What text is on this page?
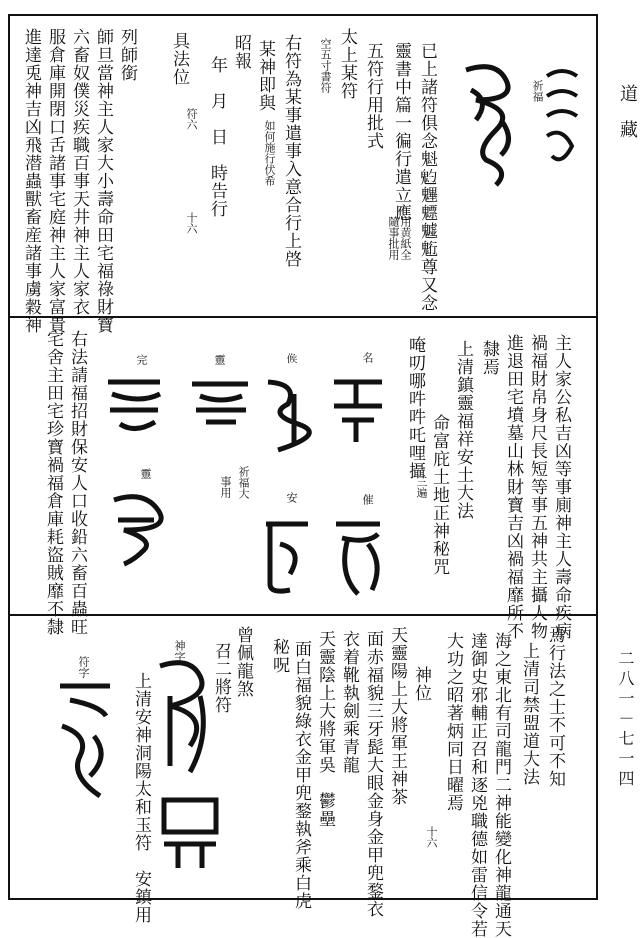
進達兎神吉凶飛潜蟲獸畜産諸事虜穀神 服倉庫開閉口舌諸事宅庭神主人家富貴 六畜奴僕災疾職百事天井神主人家衣 師旦當神主人家大小壽命田宅福祿財寶 列師銜 具法位
符六
十六
年　月　日　時告行
昭報 某神即與
如何施行伏希 右符為某事遣事入意合行上啓	空五寸書符 太上某符 五符行用批式
用黄紙全
隨事批用
靈書中篇一徧行遣立應 已上諸符俱念魁𩲃魓魒魖䰢尊又念	祈福
宅舍主田宅珍寶禍福倉庫耗盜賊靡不隸 右法請福招財保安人口收鉛六畜百蟲旺	完
靈
靈
祈福大
事用
𠊱
安
名
催
唵叨哪吽吽吒哩攝
三遍 命富庇土地正神秘咒 上清鎮靈福祥安土大法 隸焉 進退田宅墳墓山林財寶吉凶禍福靡所不 禍福財帛身尺長短等事五神共主攝人物 主人家公私吉凶等事廁神主人壽命疾病
符字
上清安神洞陽太和玉符　安鎮用
神字 召二將符 曾佩龍煞 秘呪 面白福貌綠衣金甲兜鍪執斧乘白虎 天靈陰上大將軍吳　鬱壘 衣着靴執劍乘青龍 面赤福貌三牙髭大眼金身金甲兜鍪衣 天靈陽上大將軍王神茶 神位
十六
大功之昭著炳同日曜焉 達御史邪輔正召和逐兇職德如雷信令若 海之東北有司龍門二神能變化神龍通天 上清司禁盟道大法 焉行法之士不可不知
道藏
二八一－七一四
